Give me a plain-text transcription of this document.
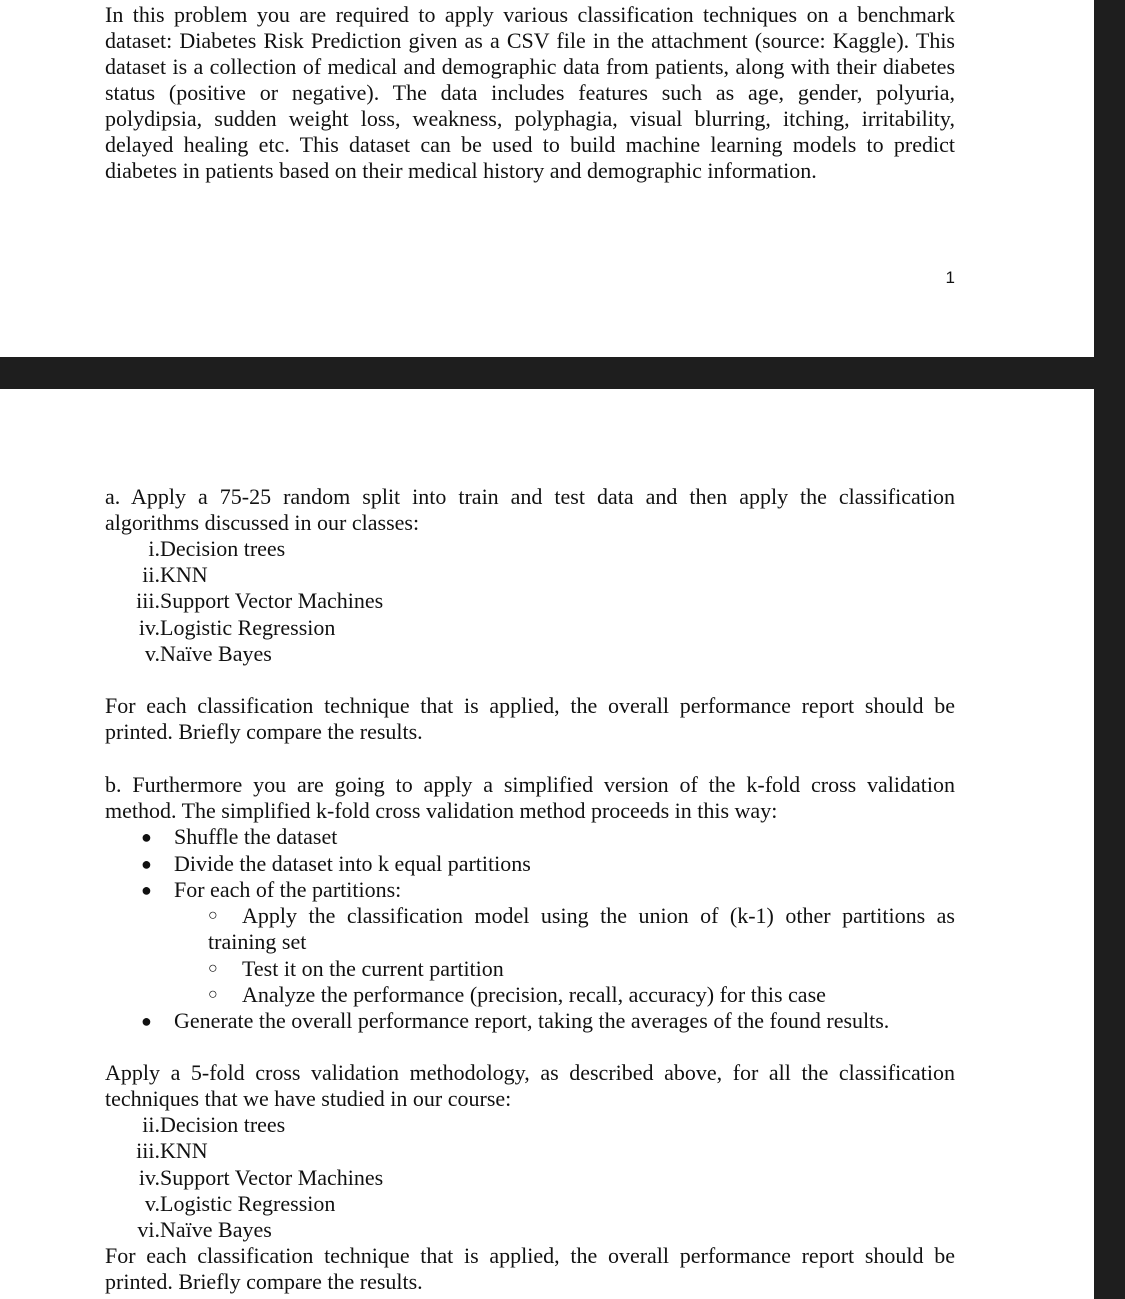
In this problem you are required to apply various classification techniques on a benchmark dataset: Diabetes Risk Prediction given as a CSV file in the attachment (source: Kaggle). This dataset is a collection of medical and demographic data from patients, along with their diabetes status (positive or negative). The data includes features such as age, gender, polyuria, polydipsia, sudden weight loss, weakness, polyphagia, visual blurring, itching, irritability, delayed healing etc. This dataset can be used to build machine learning models to predict diabetes in patients based on their medical history and demographic information.

1

a. Apply a 75-25 random split into train and test data and then apply the classification algorithms discussed in our classes:

i.Decision trees
ii.KNN
iii.Support Vector Machines
iv.Logistic Regression
v.Naïve Bayes

For each classification technique that is applied, the overall performance report should be printed. Briefly compare the results.

b. Furthermore you are going to apply a simplified version of the k-fold cross validation method. The simplified k-fold cross validation method proceeds in this way:

● Shuffle the dataset
● Divide the dataset into k equal partitions
● For each of the partitions:
○	Apply the classification model using the union of (k-1) other partitions as training set

○ Test it on the current partition
○ Analyze the performance (precision, recall, accuracy) for this case
● Generate the overall performance report, taking the averages of the found results.

Apply a 5-fold cross validation methodology, as described above, for all the classification techniques that we have studied in our course:

ii.Decision trees
iii.KNN
iv.Support Vector Machines
v.Logistic Regression
vi.Naïve Bayes

For each classification technique that is applied, the overall performance report should be printed. Briefly compare the results.
